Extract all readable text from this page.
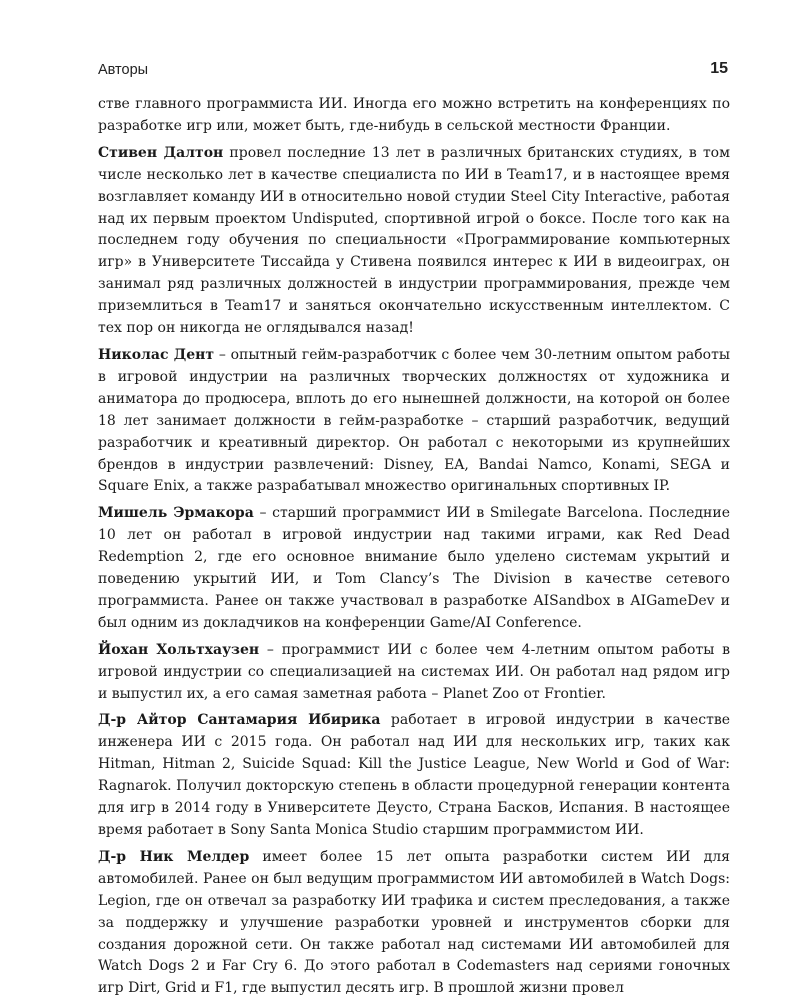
Авторы	15

стве главного программиста ИИ. Иногда его можно встретить на конференциях по разработке игр или, может быть, где-нибудь в сельской местности Франции.

Стивен Далтон провел последние 13 лет в различных британских студиях, в том числе несколько лет в качестве специалиста по ИИ в Team17, и в настоящее время возглавляет команду ИИ в относительно новой студии Steel City Interactive, работая над их первым проектом Undisputed, спортивной игрой о боксе. После того как на последнем году обучения по специальности «Программирование компьютерных игр» в Университете Тиссайда у Стивена появился интерес к ИИ в видеоиграх, он занимал ряд различных должностей в индустрии программирования, прежде чем приземлиться в Team17 и заняться окончательно искусственным интеллектом. С тех пор он никогда не оглядывался назад!

Николас Дент – опытный гейм-разработчик с более чем 30-летним опытом работы в игровой индустрии на различных творческих должностях от художника и аниматора до продюсера, вплоть до его нынешней должности, на которой он более 18 лет занимает должности в гейм-разработке – старший разработчик, ведущий разработчик и креативный директор. Он работал с некоторыми из крупнейших брендов в индустрии развлечений: Disney, EA, Bandai Namco, Konami, SEGA и Square Enix, а также разрабатывал множество оригинальных спортивных IP.

Мишель Эрмакора – старший программист ИИ в Smilegate Barcelona. Последние 10 лет он работал в игровой индустрии над такими играми, как Red Dead Redemption 2, где его основное внимание было уделено системам укрытий и поведению укрытий ИИ, и Tom Clancy’s The Division в качестве сетевого программиста. Ранее он также участвовал в разработке AISandbox в AIGameDev и был одним из докладчиков на конференции Game/AI Conference.

Йохан Хольтхаузен – программист ИИ с более чем 4-летним опытом работы в игровой индустрии со специализацией на системах ИИ. Он работал над рядом игр и выпустил их, а его самая заметная работа – Planet Zoo от Frontier.

Д-р Айтор Сантамария Ибирика работает в игровой индустрии в качестве инженера ИИ с 2015 года. Он работал над ИИ для нескольких игр, таких как Hitman, Hitman 2, Suicide Squad: Kill the Justice League, New World и God of War: Ragnarok. Получил докторскую степень в области процедурной генерации контента для игр в 2014 году в Университете Деусто, Страна Басков, Испания. В настоящее время работает в Sony Santa Monica Studio старшим программистом ИИ.

Д-р Ник Мелдер имеет более 15 лет опыта разработки систем ИИ для автомобилей. Ранее он был ведущим программистом ИИ автомобилей в Watch Dogs: Legion, где он отвечал за разработку ИИ трафика и систем преследования, а также за поддержку и улучшение разработки уровней и инструментов сборки для создания дорожной сети. Он также работал над системами ИИ автомобилей для Watch Dogs 2 и Far Cry 6. До этого работал в Codemasters над сериями гоночных игр Dirt, Grid и F1, где выпустил десять игр. В прошлой жизни провел
